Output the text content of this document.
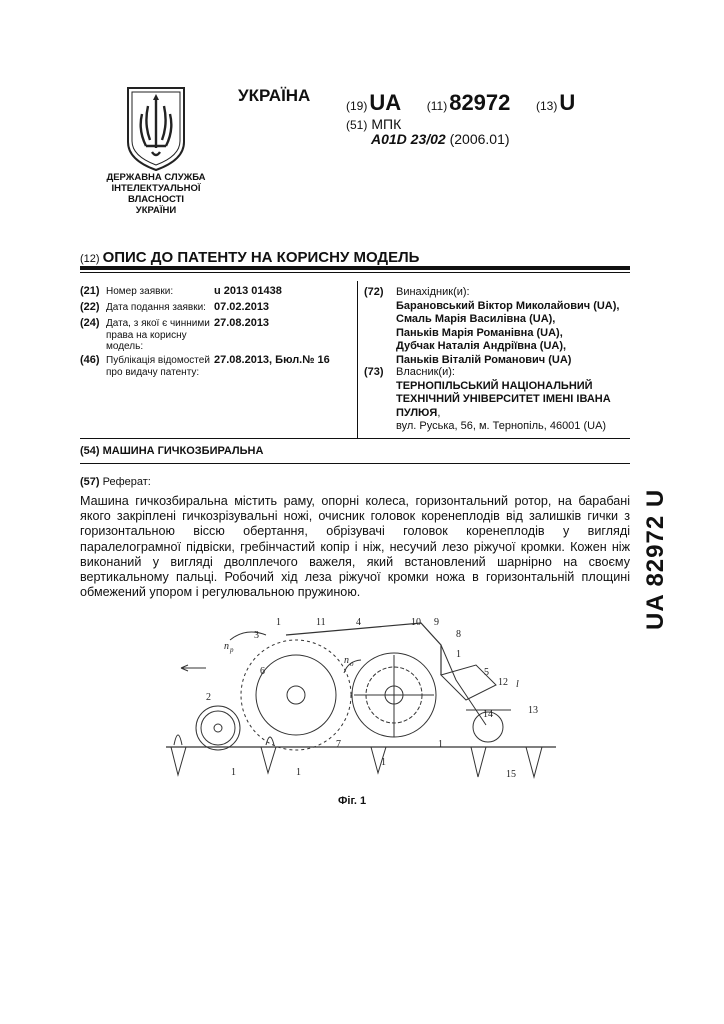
ДЕРЖАВНА СЛУЖБА
ІНТЕЛЕКТУАЛЬНОЇ
ВЛАСНОСТІ
УКРАЇНИ
УКРАЇНА
(19)UA (11)82972 (13)U
(51) МПК
A01D 23/02 (2006.01)
(12) ОПИС ДО ПАТЕНТУ НА КОРИСНУ МОДЕЛЬ
(21) Номер заявки:	u 2013 01438
(22) Дата подання заявки: 07.02.2013
(24) Дата, з якої є чинними права на корисну модель:
27.08.2013
(46) Публікація відомостей про видачу патенту:
27.08.2013, Бюл.№ 16
(72) Винахідник(и):
Барановський Віктор Миколайович (UA),
Смаль Марія Василівна (UA),
Паньків Марія Романівна (UA),
Дубчак Наталія Андріївна (UA),
Паньків Віталій Романович (UA)
(73) Власник(и):
ТЕРНОПІЛЬСЬКИЙ НАЦІОНАЛЬНИЙ ТЕХНІЧНИЙ УНІВЕРСИТЕТ ІМЕНІ ІВАНА ПУЛЮЯ,
вул. Руська, 56, м. Тернопіль, 46001 (UA)
(54) МАШИНА ГИЧКОЗБИРАЛЬНА
(57) Реферат:
Машина гичкозбиральна містить раму, опорні колеса, горизонтальний ротор, на барабані якого закріплені гичкозрізувальні ножі, очисник головок коренеплодів від залишків гички з горизонтальною віссю обертання, обрізувачі головок коренеплодів у вигляді паралелограмної підвіски, гребінчастий копір і ніж, несучий лезо ріжучої кромки. Кожен ніж виконаний у вигляді дволплечого важеля, який встановлений шарнірно на своєму вертикальному пальці. Робочий хід леза ріжучої кромки ножа в горизонтальній площині обмежений упором і регулювальною пружиною.
1
2
3
11	4	10 9
8
n p
n o
6
1
5
12 l
13
14
7
1	1
1
1
15
Фіг. 1
UA 82972 U
